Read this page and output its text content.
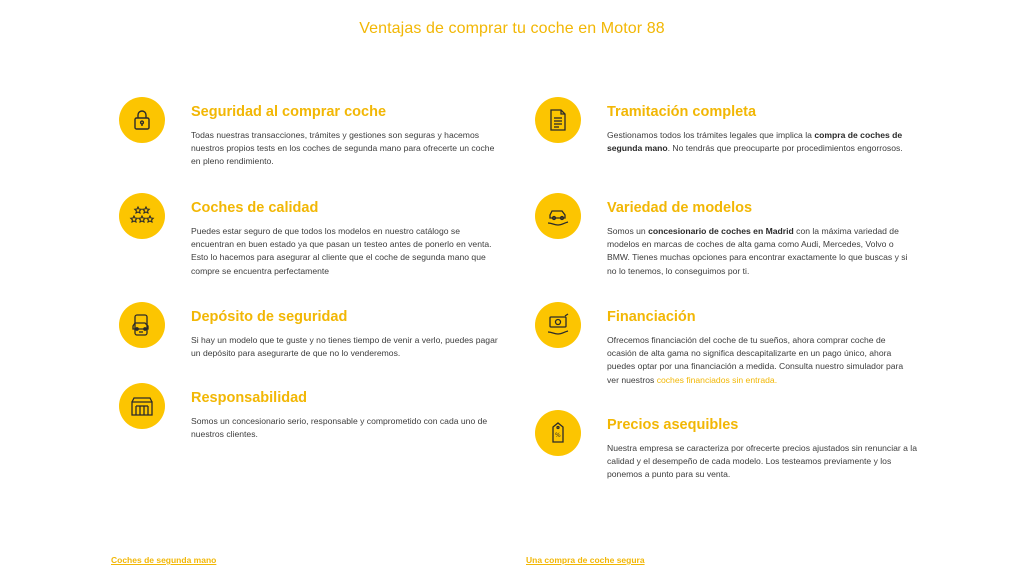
Ventajas de comprar tu coche en Motor 88
Seguridad al comprar coche

Todas nuestras transacciones, trámites y gestiones son seguras y hacemos nuestros propios tests en los coches de segunda mano para ofrecerte un coche en pleno rendimiento.

Coches de calidad

Puedes estar seguro de que todos los modelos en nuestro catálogo se encuentran en buen estado ya que pasan un testeo antes de ponerlo en venta. Esto lo hacemos para asegurar al cliente que el coche de segunda mano que compre se encuentra perfectamente

Depósito de seguridad

Si hay un modelo que te guste y no tienes tiempo de venir a verlo, puedes pagar un depósito para asegurarte de que no lo venderemos.

Responsabilidad

Somos un concesionario serio, responsable y comprometido con cada uno de nuestros clientes.

Tramitación completa

Gestionamos todos los trámites legales que implica la compra de coches de segunda mano. No tendrás que preocuparte por procedimientos engorrosos.

Variedad de modelos

Somos un concesionario de coches en Madrid con la máxima variedad de modelos en marcas de coches de alta gama como Audi, Mercedes, Volvo o BMW. Tienes muchas opciones para encontrar exactamente lo que buscas y si no lo tenemos, lo conseguimos por ti.

Financiación

Ofrecemos financiación del coche de tu sueños, ahora comprar coche de ocasión de alta gama no significa descapitalizarte en un pago único, ahora puedes optar por una financiación a medida. Consulta nuestro simulador para ver nuestros coches financiados sin entrada.

%
Precios asequibles

Nuestra empresa se caracteriza por ofrecerte precios ajustados sin renunciar a la calidad y el desempeño de cada modelo. Los testeamos previamente y los ponemos a punto para su venta.

Coches de segunda mano	Una compra de coche segura
